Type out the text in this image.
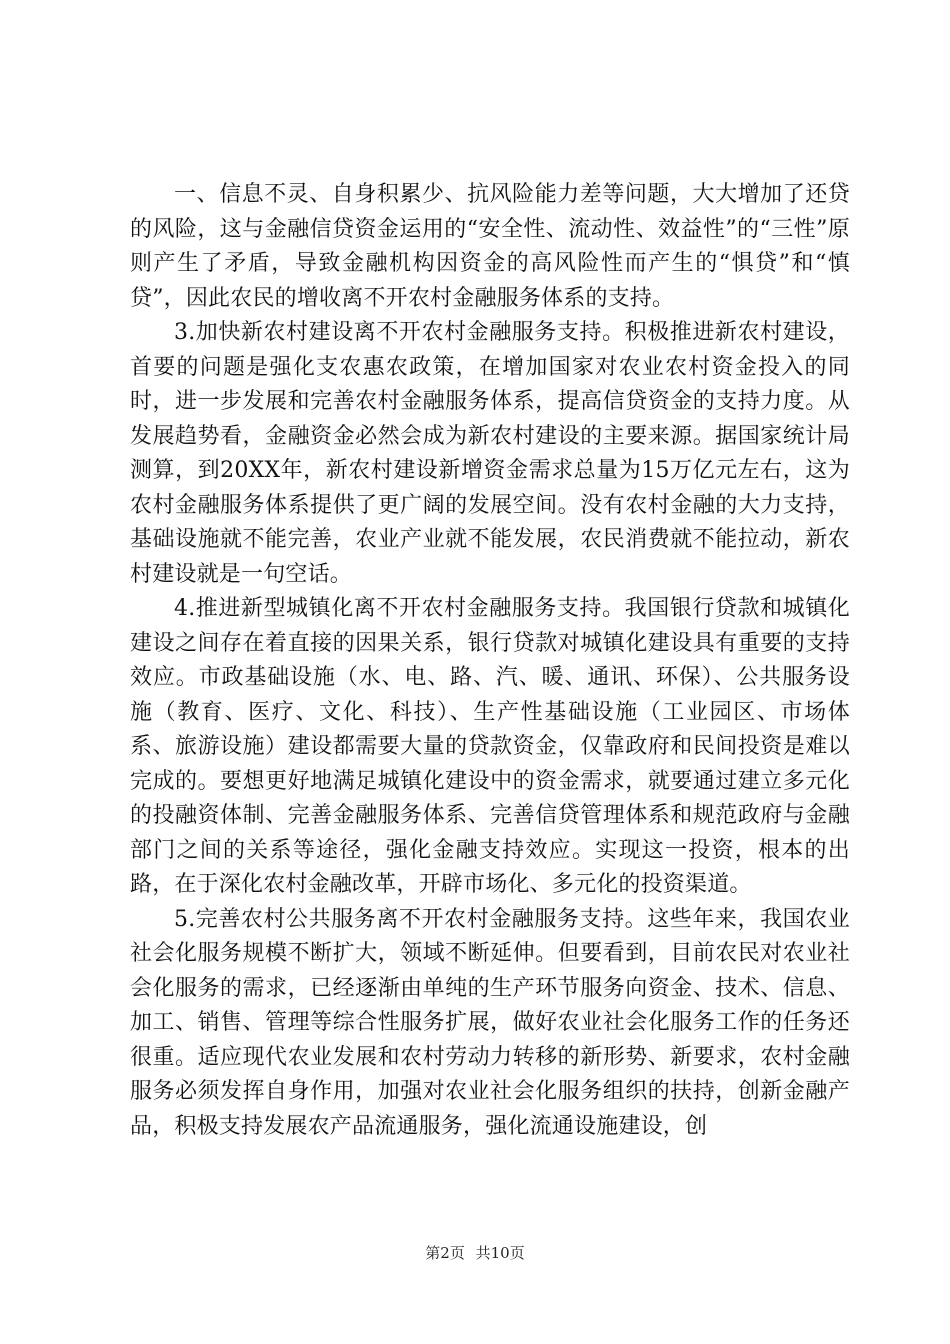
一、信息不灵、自身积累少、抗风险能力差等问题，大大增加了还贷的风险，这与金融信贷资金运用的“安全性、流动性、效益性”的“三性”原则产生了矛盾，导致金融机构因资金的高风险性而产生的“惧贷”和“慎贷”，因此农民的增收离不开农村金融服务体系的支持。

3.加快新农村建设离不开农村金融服务支持。积极推进新农村建设，首要的问题是强化支农惠农政策，在增加国家对农业农村资金投入的同时，进一步发展和完善农村金融服务体系，提高信贷资金的支持力度。从发展趋势看，金融资金必然会成为新农村建设的主要来源。据国家统计局测算，到20XX年，新农村建设新增资金需求总量为15万亿元左右，这为农村金融服务体系提供了更广阔的发展空间。没有农村金融的大力支持，基础设施就不能完善，农业产业就不能发展，农民消费就不能拉动，新农村建设就是一句空话。

4.推进新型城镇化离不开农村金融服务支持。我国银行贷款和城镇化建设之间存在着直接的因果关系，银行贷款对城镇化建设具有重要的支持效应。市政基础设施（水、电、路、汽、暖、通讯、环保）、公共服务设施（教育、医疗、文化、科技）、生产性基础设施（工业园区、市场体系、旅游设施）建设都需要大量的贷款资金，仅靠政府和民间投资是难以完成的。要想更好地满足城镇化建设中的资金需求，就要通过建立多元化的投融资体制、完善金融服务体系、完善信贷管理体系和规范政府与金融部门之间的关系等途径，强化金融支持效应。实现这一投资，根本的出路，在于深化农村金融改革，开辟市场化、多元化的投资渠道。

5.完善农村公共服务离不开农村金融服务支持。这些年来，我国农业社会化服务规模不断扩大，领域不断延伸。但要看到，目前农民对农业社会化服务的需求，已经逐渐由单纯的生产环节服务向资金、技术、信息、加工、销售、管理等综合性服务扩展，做好农业社会化服务工作的任务还很重。适应现代农业发展和农村劳动力转移的新形势、新要求，农村金融服务必须发挥自身作用，加强对农业社会化服务组织的扶持，创新金融产品，积极支持发展农产品流通服务，强化流通设施建设，创

第2页 共10页
